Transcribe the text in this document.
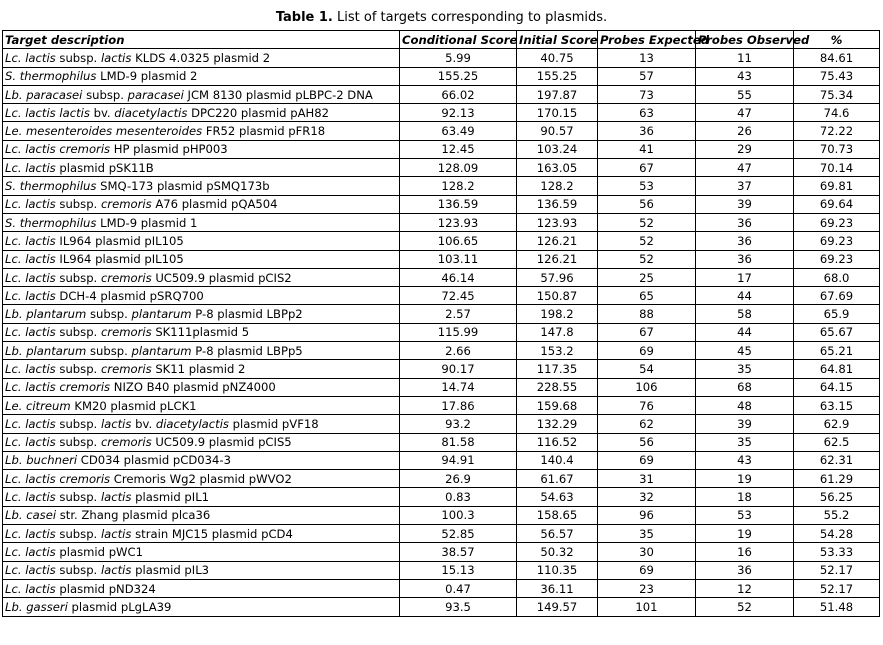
Table 1. List of targets corresponding to plasmids.
Target description	Conditional Score	Initial Score	Probes Expected	Probes Observed	%
Lc. lactis subsp. lactis KLDS 4.0325 plasmid 2	5.99	40.75	13	11	84.61
S. thermophilus LMD-9 plasmid 2	155.25	155.25	57	43	75.43
Lb. paracasei subsp. paracasei JCM 8130 plasmid pLBPC-2 DNA	66.02	197.87	73	55	75.34
Lc. lactis lactis bv. diacetylactis DPC220 plasmid pAH82	92.13	170.15	63	47	74.6
Le. mesenteroides mesenteroides FR52 plasmid pFR18	63.49	90.57	36	26	72.22
Lc. lactis cremoris HP plasmid pHP003	12.45	103.24	41	29	70.73
Lc. lactis plasmid pSK11B	128.09	163.05	67	47	70.14
S. thermophilus SMQ-173 plasmid pSMQ173b	128.2	128.2	53	37	69.81
Lc. lactis subsp. cremoris A76 plasmid pQA504	136.59	136.59	56	39	69.64
S. thermophilus LMD-9 plasmid 1	123.93	123.93	52	36	69.23
Lc. lactis IL964 plasmid pIL105	106.65	126.21	52	36	69.23
Lc. lactis IL964 plasmid pIL105	103.11	126.21	52	36	69.23
Lc. lactis subsp. cremoris UC509.9 plasmid pCIS2	46.14	57.96	25	17	68.0
Lc. lactis DCH-4 plasmid pSRQ700	72.45	150.87	65	44	67.69
Lb. plantarum subsp. plantarum P-8 plasmid LBPp2	2.57	198.2	88	58	65.9
Lc. lactis subsp. cremoris SK111plasmid 5	115.99	147.8	67	44	65.67
Lb. plantarum subsp. plantarum P-8 plasmid LBPp5	2.66	153.2	69	45	65.21
Lc. lactis subsp. cremoris SK11 plasmid 2	90.17	117.35	54	35	64.81
Lc. lactis cremoris NIZO B40 plasmid pNZ4000	14.74	228.55	106	68	64.15
Le. citreum KM20 plasmid pLCK1	17.86	159.68	76	48	63.15
Lc. lactis subsp. lactis bv. diacetylactis plasmid pVF18	93.2	132.29	62	39	62.9
Lc. lactis subsp. cremoris UC509.9 plasmid pCIS5	81.58	116.52	56	35	62.5
Lb. buchneri CD034 plasmid pCD034-3	94.91	140.4	69	43	62.31
Lc. lactis cremoris Cremoris Wg2 plasmid pWVO2	26.9	61.67	31	19	61.29
Lc. lactis subsp. lactis plasmid pIL1	0.83	54.63	32	18	56.25
Lb. casei str. Zhang plasmid plca36	100.3	158.65	96	53	55.2
Lc. lactis subsp. lactis strain MJC15 plasmid pCD4	52.85	56.57	35	19	54.28
Lc. lactis plasmid pWC1	38.57	50.32	30	16	53.33
Lc. lactis subsp. lactis plasmid pIL3	15.13	110.35	69	36	52.17
Lc. lactis plasmid pND324	0.47	36.11	23	12	52.17
Lb. gasseri plasmid pLgLA39	93.5	149.57	101	52	51.48
